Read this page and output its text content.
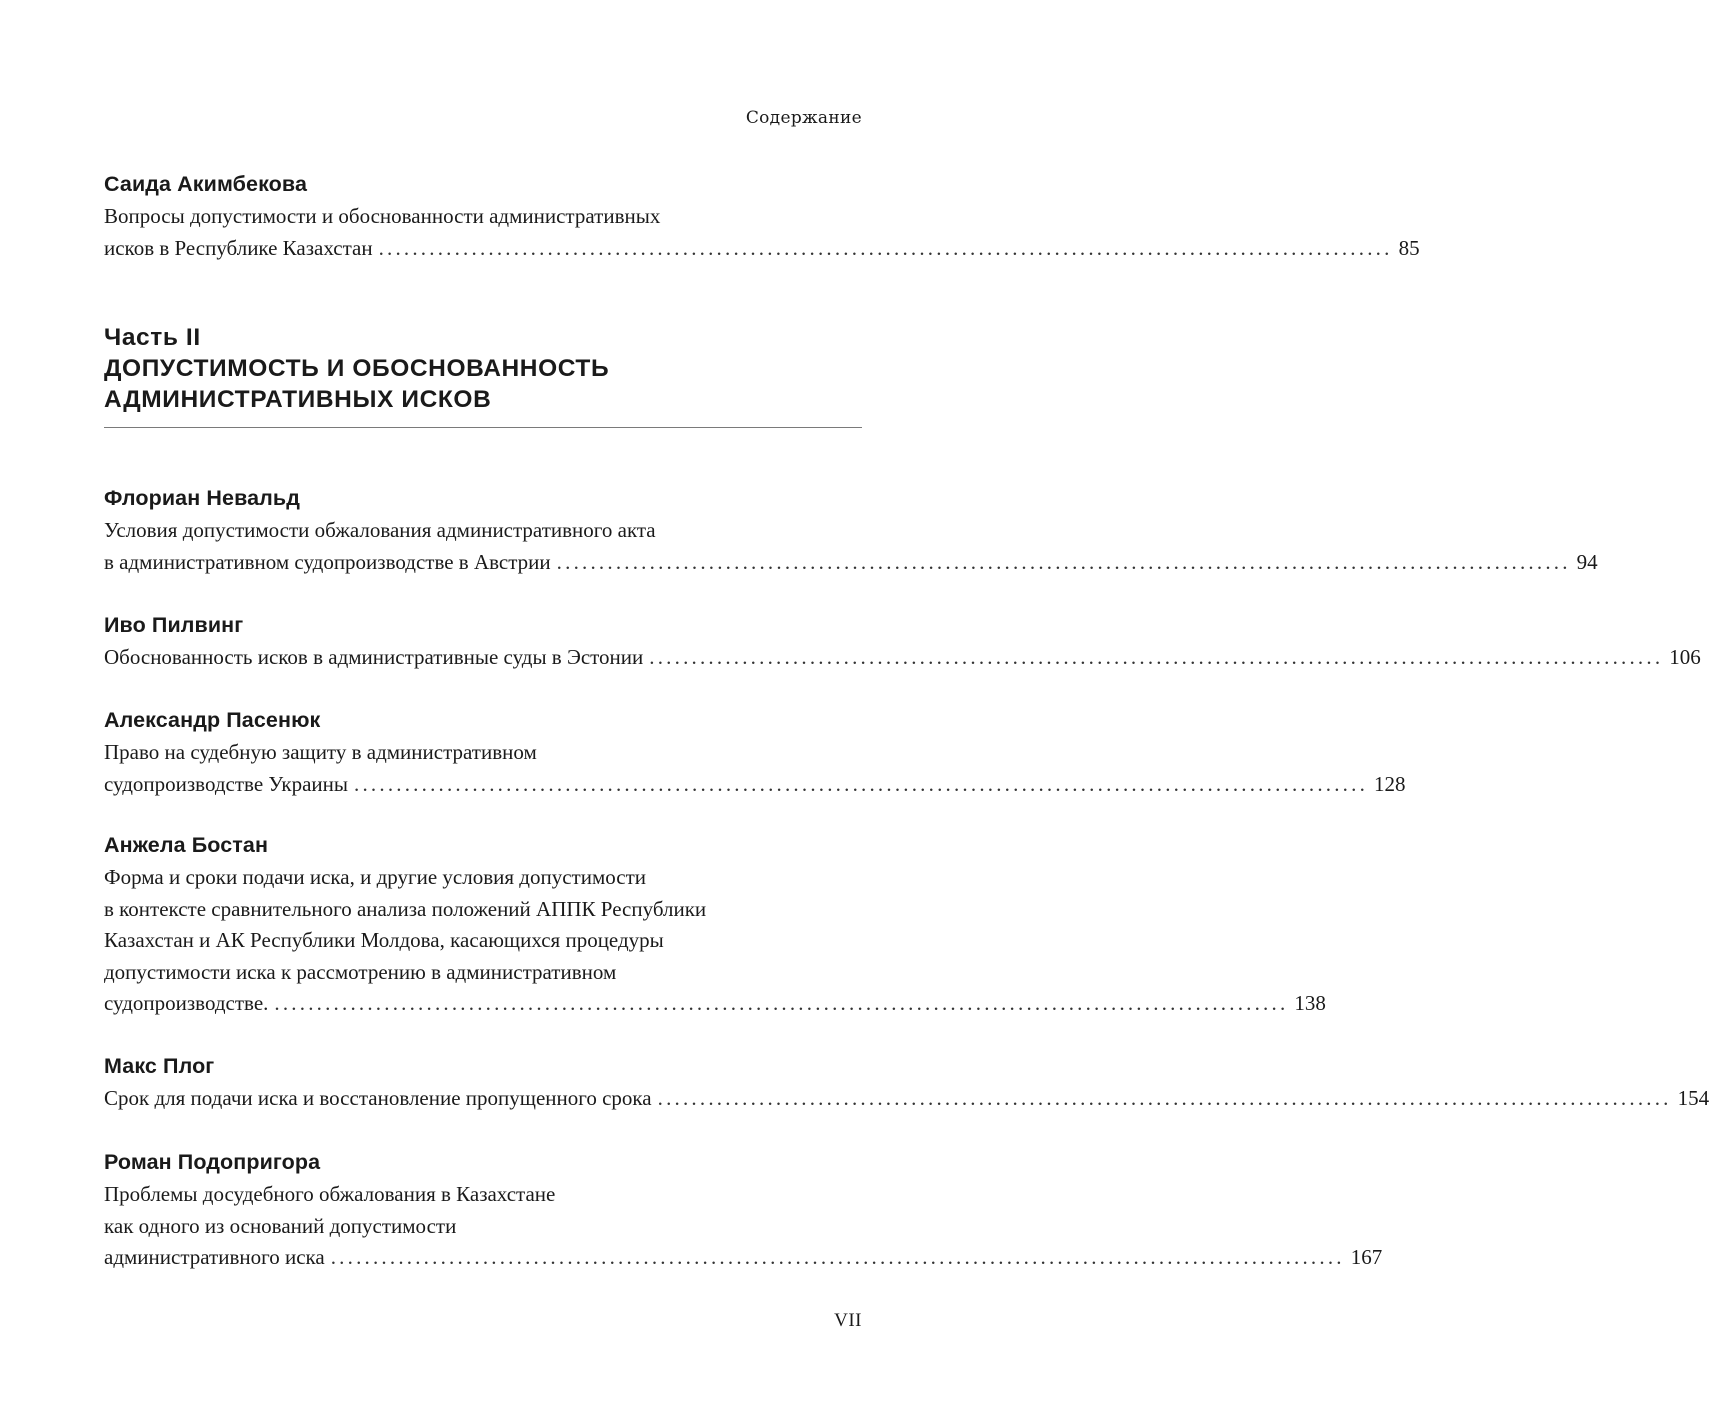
Содержание
Саида Акимбекова
Вопросы допустимости и обоснованности административных
исков в Республике Казахстан ........................................................................................................................ 85
Часть II
ДОПУСТИМОСТЬ И ОБОСНОВАННОСТЬ
АДМИНИСТРАТИВНЫХ ИСКОВ
Флориан Невальд
Условия допустимости обжалования административного акта
в административном судопроизводстве в Австрии ........................................................................................................................ 94
Иво Пилвинг
Обоснованность исков в административные суды в Эстонии ........................................................................................................................ 106
Александр Пасенюк
Право на судебную защиту в административном
судопроизводстве Украины ........................................................................................................................ 128
Анжела Бостан
Форма и сроки подачи иска, и другие условия допустимости
в контексте сравнительного анализа положений АППК Республики
Казахстан и АК Республики Молдова, касающихся процедуры
допустимости иска к рассмотрению в административном
судопроизводстве. ........................................................................................................................ 138
Макс Плог
Срок для подачи иска и восстановление пропущенного срока ........................................................................................................................ 154
Роман Подопригора
Проблемы досудебного обжалования в Казахстане
как одного из оснований допустимости
административного иска ........................................................................................................................ 167
VII
